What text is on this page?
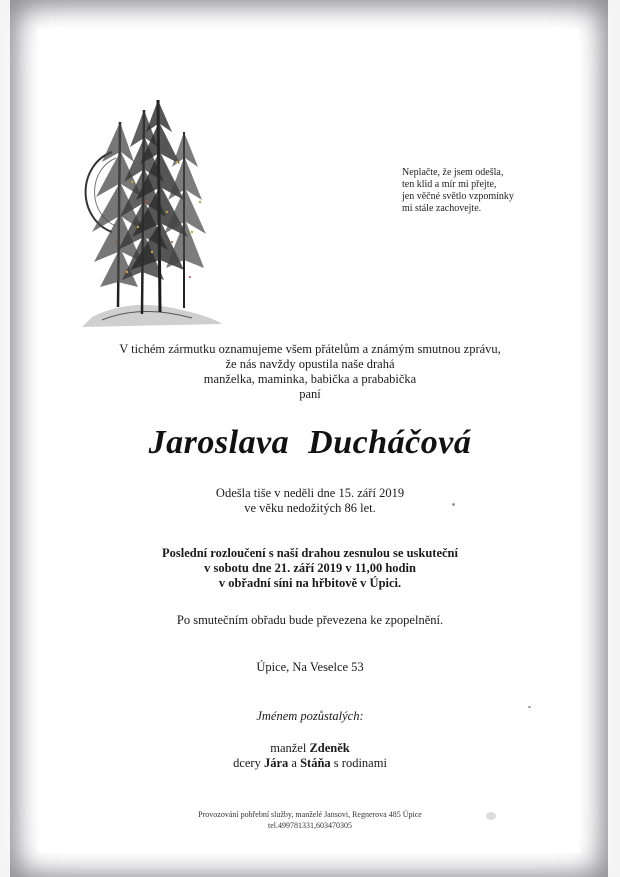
Neplačte, že jsem odešla,
ten klid a mír mi přejte,
jen věčné světlo vzpomínky
mi stále zachovejte.
V tichém zármutku oznamujeme všem přátelům a známým smutnou zprávu,
že nás navždy opustila naše drahá
manželka, maminka, babička a prababička
paní
Jaroslava Ducháčová
Odešla tiše v neděli dne 15. září 2019
ve věku nedožitých 86 let.
Poslední rozloučení s naší drahou zesnulou se uskuteční
v sobotu dne 21. září 2019 v 11,00 hodin
v obřadní síni na hřbitově v Úpici.
Po smutečním obřadu bude převezena ke zpopelnění.
Úpice, Na Veselce 53
Jménem pozůstalých:
manžel Zdeněk
dcery Jára a Stáňa s rodinami
Provozování pohřební služby, manželé Jansovi, Regnerova 485 Úpice
tel.499781331,603470305
